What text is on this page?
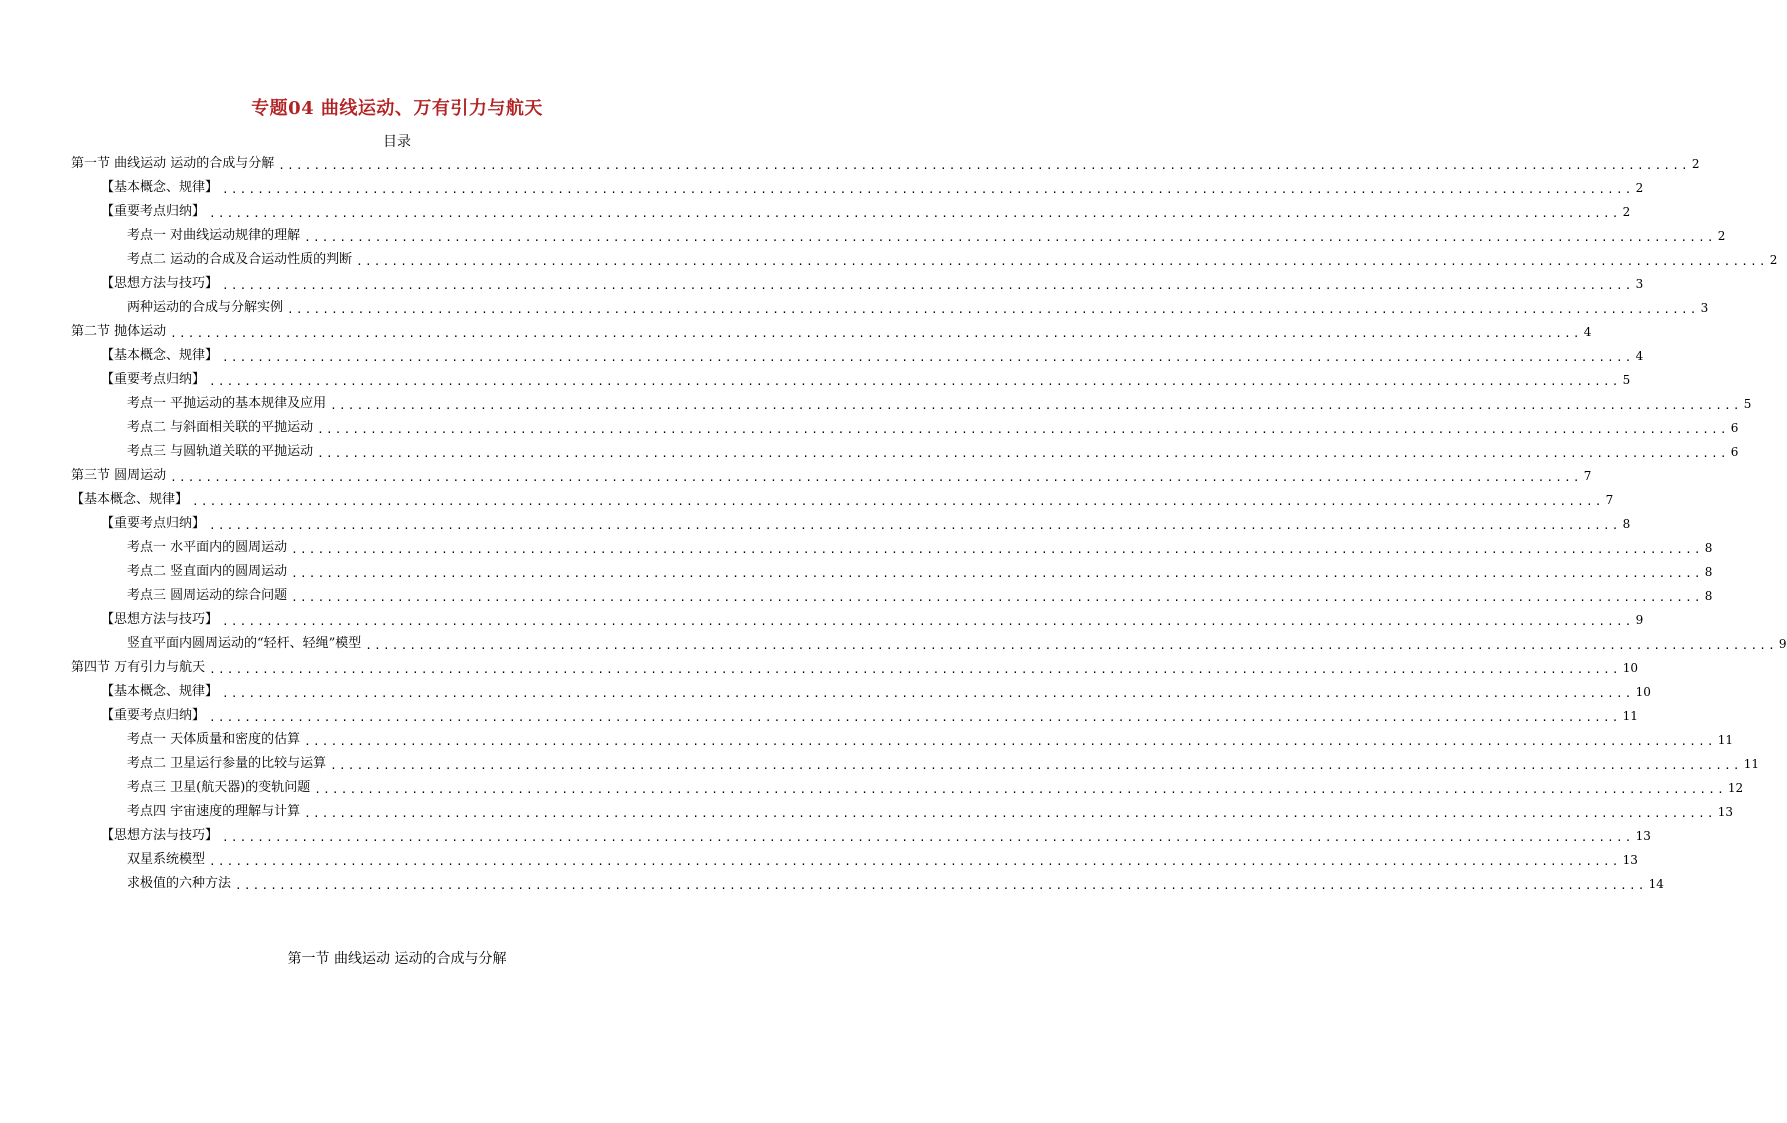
专题04 曲线运动、万有引力与航天
目录
第一节 曲线运动 运动的合成与分解 ................................................................................................................................................................ 2
【基本概念、规律】 ................................................................................................................................................................ 2
【重要考点归纳】 ................................................................................................................................................................ 2
考点一 对曲线运动规律的理解 ................................................................................................................................................................ 2
考点二 运动的合成及合运动性质的判断 ................................................................................................................................................................ 2
【思想方法与技巧】 ................................................................................................................................................................ 3
两种运动的合成与分解实例 ................................................................................................................................................................ 3
第二节 抛体运动 ................................................................................................................................................................ 4
【基本概念、规律】 ................................................................................................................................................................ 4
【重要考点归纳】 ................................................................................................................................................................ 5
考点一 平抛运动的基本规律及应用 ................................................................................................................................................................ 5
考点二 与斜面相关联的平抛运动 ................................................................................................................................................................ 6
考点三 与圆轨道关联的平抛运动 ................................................................................................................................................................ 6
第三节 圆周运动 ................................................................................................................................................................ 7
【基本概念、规律】 ................................................................................................................................................................ 7
【重要考点归纳】 ................................................................................................................................................................ 8
考点一 水平面内的圆周运动 ................................................................................................................................................................ 8
考点二 竖直面内的圆周运动 ................................................................................................................................................................ 8
考点三 圆周运动的综合问题 ................................................................................................................................................................ 8
【思想方法与技巧】 ................................................................................................................................................................ 9
竖直平面内圆周运动的“轻杆、轻绳”模型 ................................................................................................................................................................ 9
第四节 万有引力与航天 ................................................................................................................................................................ 10
【基本概念、规律】 ................................................................................................................................................................ 10
【重要考点归纳】 ................................................................................................................................................................ 11
考点一 天体质量和密度的估算 ................................................................................................................................................................ 11
考点二 卫星运行参量的比较与运算 ................................................................................................................................................................ 11
考点三 卫星(航天器)的变轨问题 ................................................................................................................................................................ 12
考点四 宇宙速度的理解与计算 ................................................................................................................................................................ 13
【思想方法与技巧】 ................................................................................................................................................................ 13
双星系统模型 ................................................................................................................................................................ 13
求极值的六种方法 ................................................................................................................................................................ 14
第一节 曲线运动 运动的合成与分解
